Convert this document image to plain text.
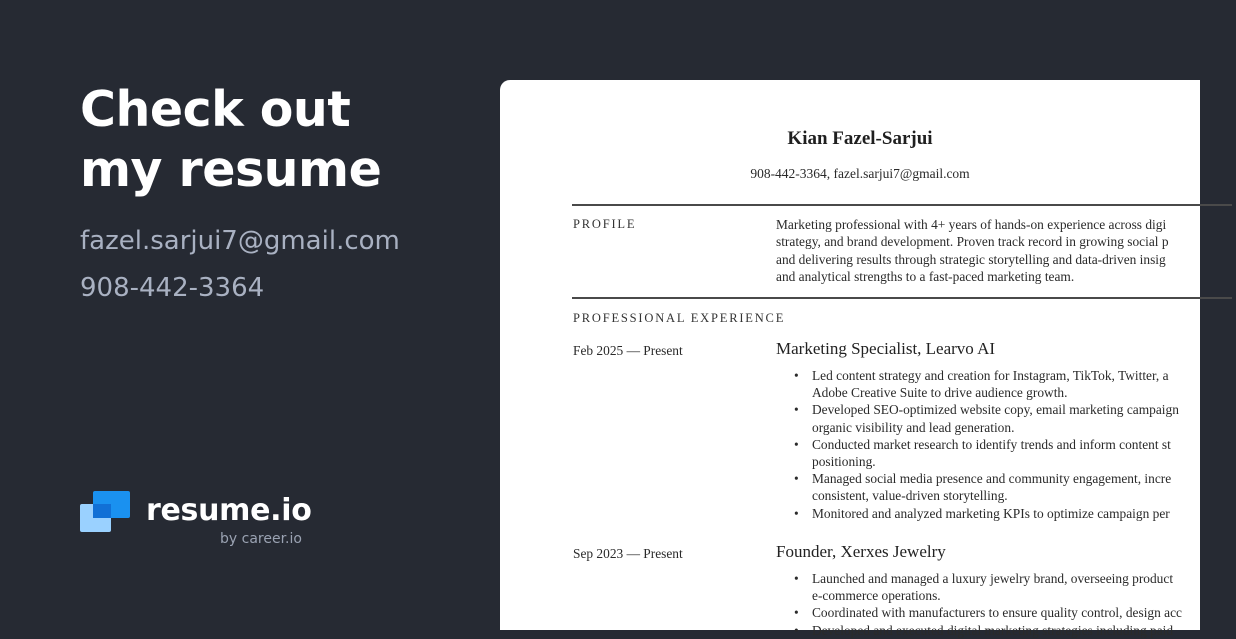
Check out
my resume
fazel.sarjui7@gmail.com
908-442-3364
resume.io
by career.io
Kian Fazel-Sarjui
908-442-3364, fazel.sarjui7@gmail.com
PROFILE	Marketing professional with 4+ years of hands-on experience across digi
strategy, and brand development. Proven track record in growing social p
and delivering results through strategic storytelling and data-driven insig
and analytical strengths to a fast-paced marketing team.
PROFESSIONAL EXPERIENCE
Feb 2025 — Present	Marketing Specialist, Learvo AI
• Led content strategy and creation for Instagram, TikTok, Twitter, a
Adobe Creative Suite to drive audience growth.
• Developed SEO-optimized website copy, email marketing campaign
organic visibility and lead generation.
• Conducted market research to identify trends and inform content st
positioning.
• Managed social media presence and community engagement, incre
consistent, value-driven storytelling.
• Monitored and analyzed marketing KPIs to optimize campaign per
Sep 2023 — Present	Founder, Xerxes Jewelry
• Launched and managed a luxury jewelry brand, overseeing product
e-commerce operations.
• Coordinated with manufacturers to ensure quality control, design acc
• Developed and executed digital marketing strategies including paid
